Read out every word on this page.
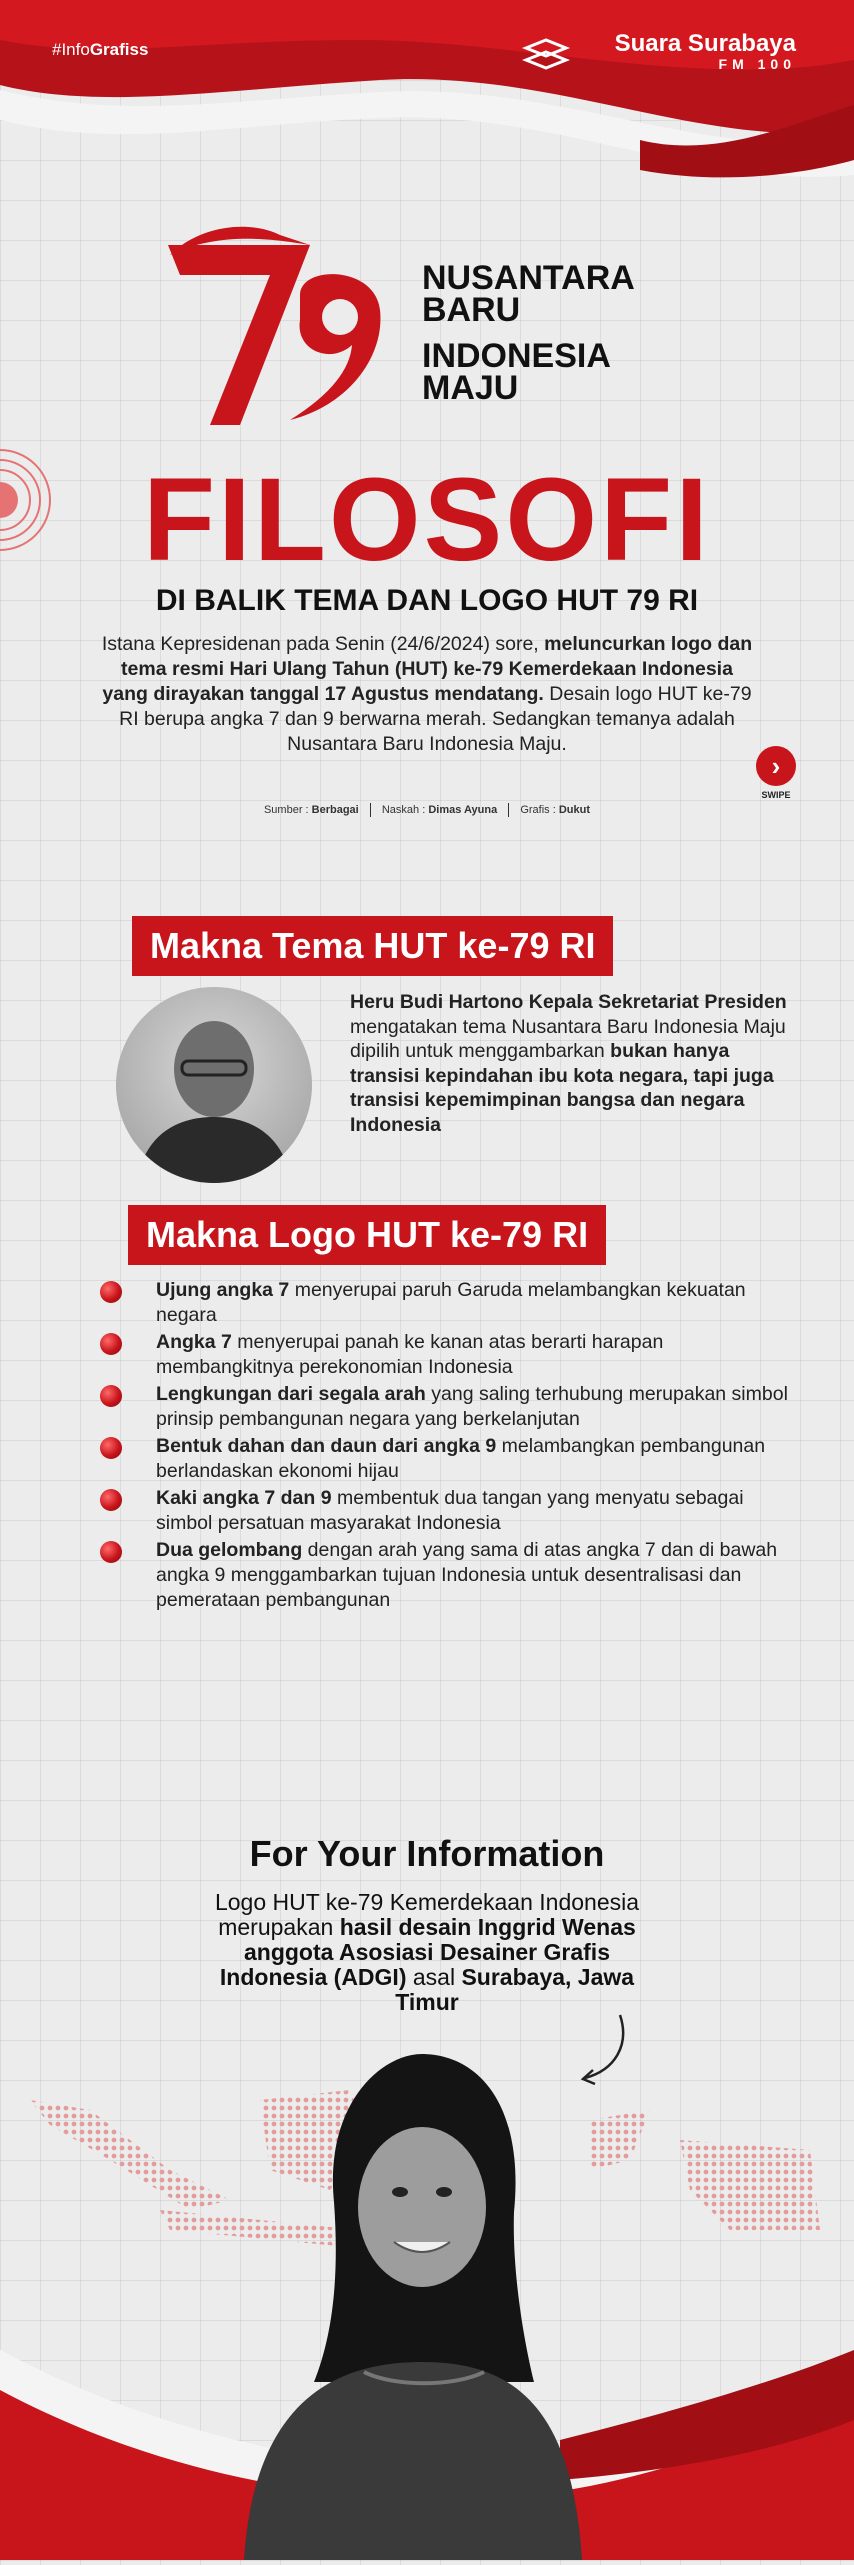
#InfoGrafiss	Suara Surabaya
FM 100
79
NUSANTARA
BARU
INDONESIA
MAJU
FILOSOFI
DI BALIK TEMA DAN LOGO HUT 79 RI
Istana Kepresidenan pada Senin (24/6/2024) sore, meluncurkan logo dan tema resmi Hari Ulang Tahun (HUT) ke-79 Kemerdekaan Indonesia yang dirayakan tanggal 17 Agustus mendatang. Desain logo HUT ke-79 RI berupa angka 7 dan 9 berwarna merah. Sedangkan temanya adalah Nusantara Baru Indonesia Maju.
›
SWIPE
Sumber : Berbagai Naskah : Dimas Ayuna Grafis : Dukut
Makna Tema HUT ke-79 RI
Heru Budi Hartono Kepala Sekretariat Presiden mengatakan tema Nusantara Baru Indonesia Maju dipilih untuk menggambarkan bukan hanya transisi kepindahan ibu kota negara, tapi juga transisi kepemimpinan bangsa dan negara Indonesia
Makna Logo HUT ke-79 RI
Ujung angka 7 menyerupai paruh Garuda melambangkan kekuatan negara
Angka 7 menyerupai panah ke kanan atas berarti harapan membangkitnya perekonomian Indonesia
Lengkungan dari segala arah yang saling terhubung merupakan simbol prinsip pembangunan negara yang berkelanjutan
Bentuk dahan dan daun dari angka 9 melambangkan pembangunan berlandaskan ekonomi hijau
Kaki angka 7 dan 9 membentuk dua tangan yang menyatu sebagai simbol persatuan masyarakat Indonesia
Dua gelombang dengan arah yang sama di atas angka 7 dan di bawah angka 9 menggambarkan tujuan Indonesia untuk desentralisasi dan pemerataan pembangunan
For Your Information
Logo HUT ke-79 Kemerdekaan Indonesia merupakan hasil desain Inggrid Wenas anggota Asosiasi Desainer Grafis Indonesia (ADGI) asal Surabaya, Jawa Timur
